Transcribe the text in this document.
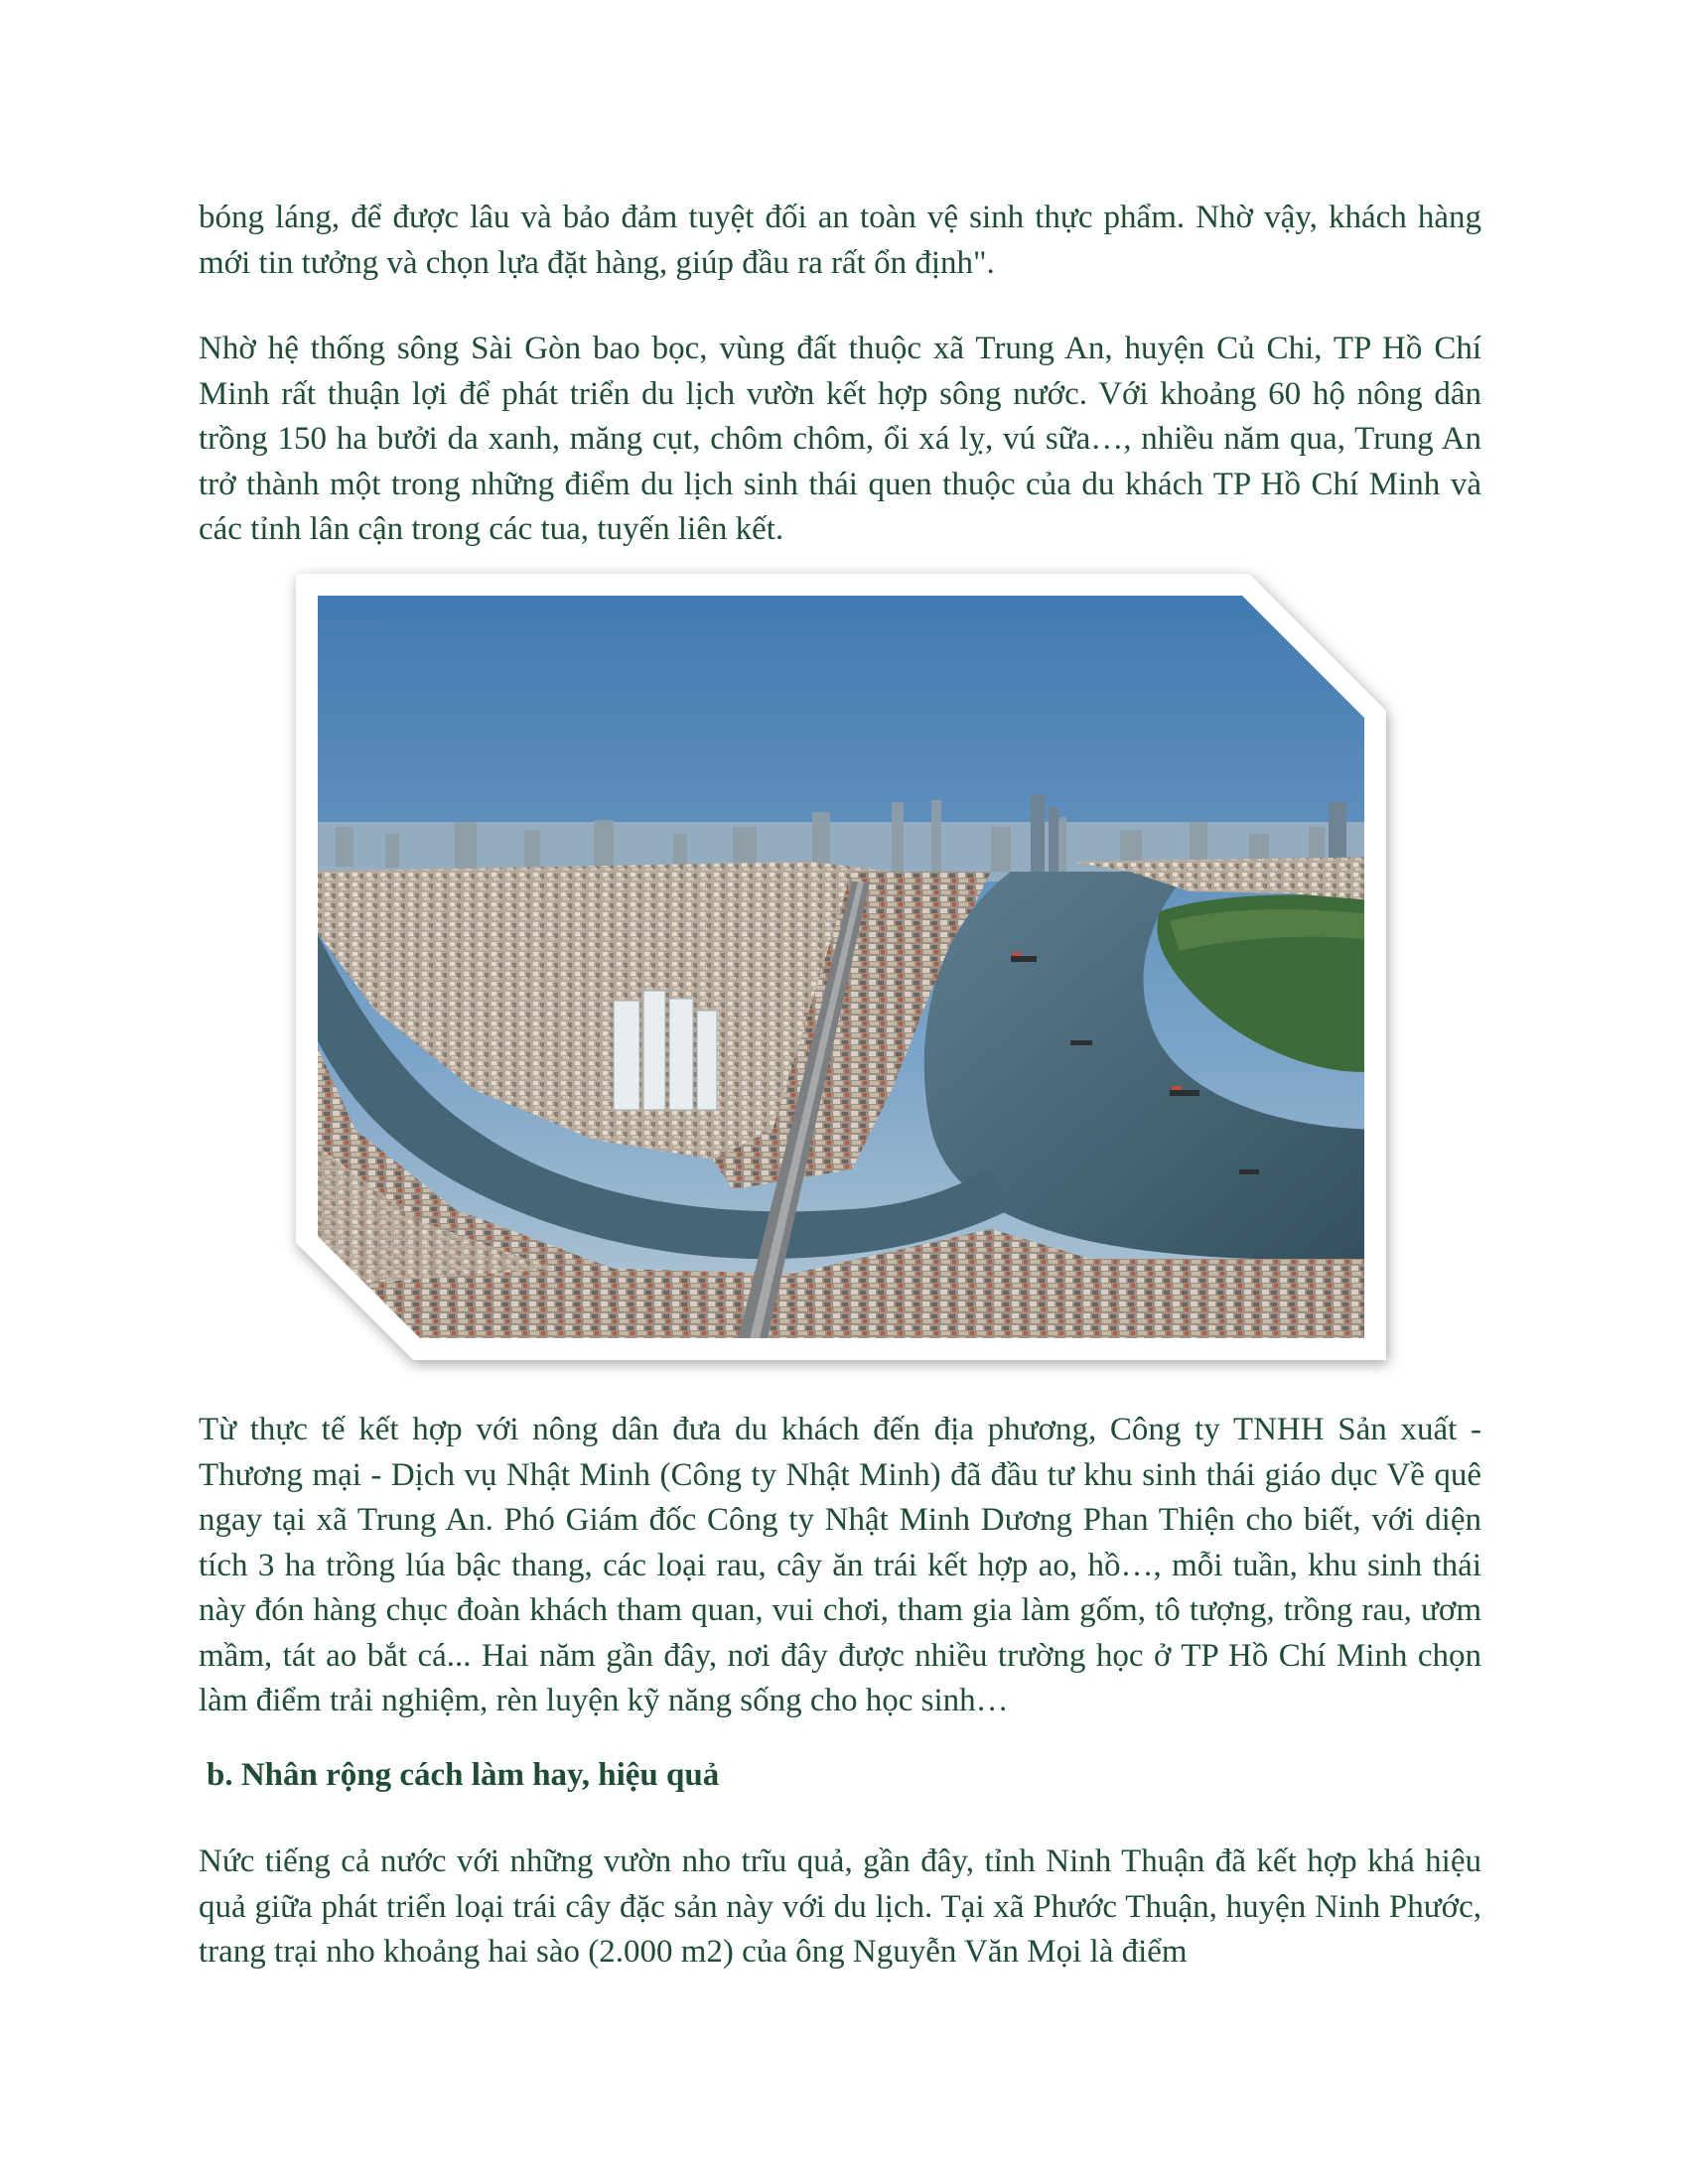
bóng láng, để được lâu và bảo đảm tuyệt đối an toàn vệ sinh thực phẩm. Nhờ vậy, khách hàng mới tin tưởng và chọn lựa đặt hàng, giúp đầu ra rất ổn định".

Nhờ hệ thống sông Sài Gòn bao bọc, vùng đất thuộc xã Trung An, huyện Củ Chi, TP Hồ Chí Minh rất thuận lợi để phát triển du lịch vườn kết hợp sông nước. Với khoảng 60 hộ nông dân trồng 150 ha bưởi da xanh, măng cụt, chôm chôm, ổi xá lỵ, vú sữa…, nhiều năm qua, Trung An trở thành một trong những điểm du lịch sinh thái quen thuộc của du khách TP Hồ Chí Minh và các tỉnh lân cận trong các tua, tuyến liên kết.

Từ thực tế kết hợp với nông dân đưa du khách đến địa phương, Công ty TNHH Sản xuất - Thương mại - Dịch vụ Nhật Minh (Công ty Nhật Minh) đã đầu tư khu sinh thái giáo dục Về quê ngay tại xã Trung An. Phó Giám đốc Công ty Nhật Minh Dương Phan Thiện cho biết, với diện tích 3 ha trồng lúa bậc thang, các loại rau, cây ăn trái kết hợp ao, hồ…, mỗi tuần, khu sinh thái này đón hàng chục đoàn khách tham quan, vui chơi, tham gia làm gốm, tô tượng, trồng rau, ươm mầm, tát ao bắt cá... Hai năm gần đây, nơi đây được nhiều trường học ở TP Hồ Chí Minh chọn làm điểm trải nghiệm, rèn luyện kỹ năng sống cho học sinh…

b. Nhân rộng cách làm hay, hiệu quả

Nức tiếng cả nước với những vườn nho trĩu quả, gần đây, tỉnh Ninh Thuận đã kết hợp khá hiệu quả giữa phát triển loại trái cây đặc sản này với du lịch. Tại xã Phước Thuận, huyện Ninh Phước, trang trại nho khoảng hai sào (2.000 m2) của ông Nguyễn Văn Mọi là điểm
